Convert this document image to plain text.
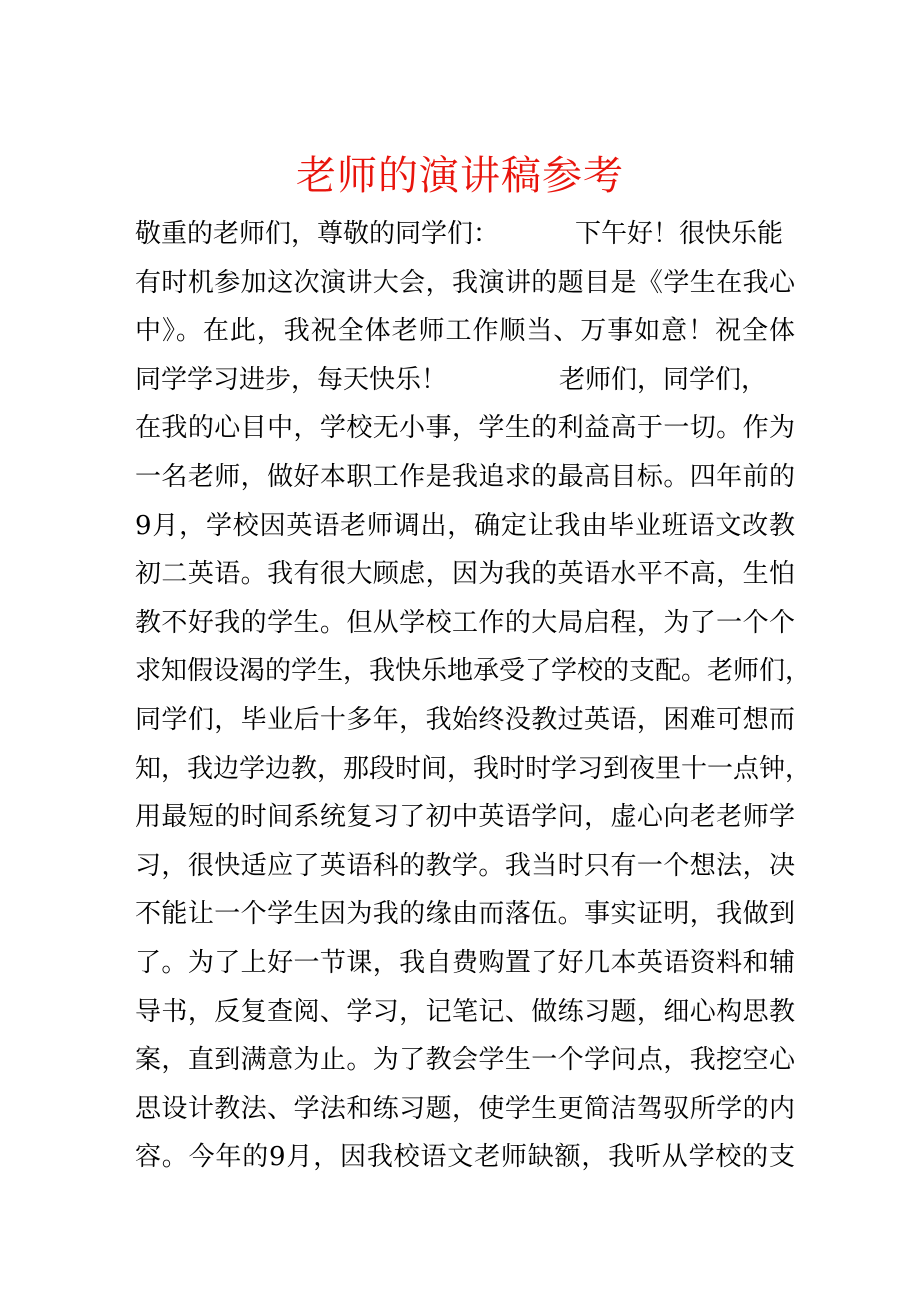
老师的演讲稿参考
敬重的老师们，尊敬的同学们：	下午好！很快乐能
有时机参加这次演讲大会，我演讲的题目是《学生在我心
中》。在此，我祝全体老师工作顺当、万事如意！祝全体
同学学习进步，每天快乐！	老师们，同学们，
在我的心目中，学校无小事，学生的利益高于一切。作为
一名老师，做好本职工作是我追求的最高目标。四年前的
9月，学校因英语老师调出，确定让我由毕业班语文改教
初二英语。我有很大顾虑，因为我的英语水平不高，生怕
教不好我的学生。但从学校工作的大局启程，为了一个个
求知假设渴的学生，我快乐地承受了学校的支配。老师们，
同学们，毕业后十多年，我始终没教过英语，困难可想而
知，我边学边教，那段时间，我时时学习到夜里十一点钟，
用最短的时间系统复习了初中英语学问，虚心向老老师学
习，很快适应了英语科的教学。我当时只有一个想法，决
不能让一个学生因为我的缘由而落伍。事实证明，我做到
了。为了上好一节课，我自费购置了好几本英语资料和辅
导书，反复查阅、学习，记笔记、做练习题，细心构思教
案，直到满意为止。为了教会学生一个学问点，我挖空心
思设计教法、学法和练习题，使学生更简洁驾驭所学的内
容。今年的9月，因我校语文老师缺额，我听从学校的支
